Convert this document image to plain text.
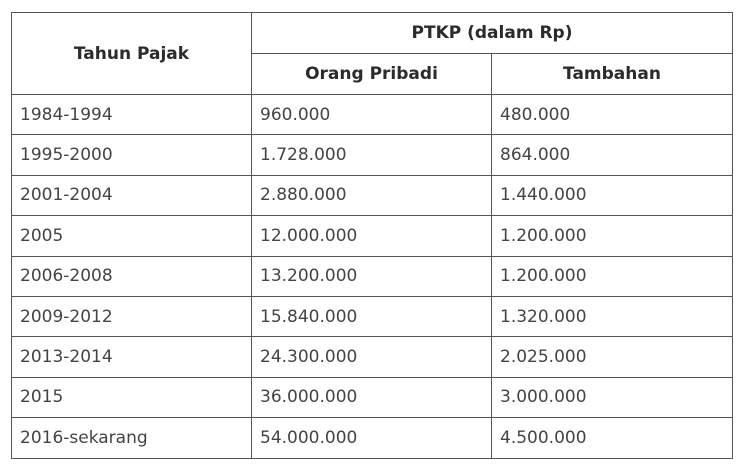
Tahun Pajak	PTKP (dalam Rp)	
	Orang Pribadi	Tambahan
1984-1994	960.000	480.000
1995-2000	1.728.000	864.000
2001-2004	2.880.000	1.440.000
2005	12.000.000	1.200.000
2006-2008	13.200.000	1.200.000
2009-2012	15.840.000	1.320.000
2013-2014	24.300.000	2.025.000
2015	36.000.000	3.000.000
2016-sekarang	54.000.000	4.500.000
